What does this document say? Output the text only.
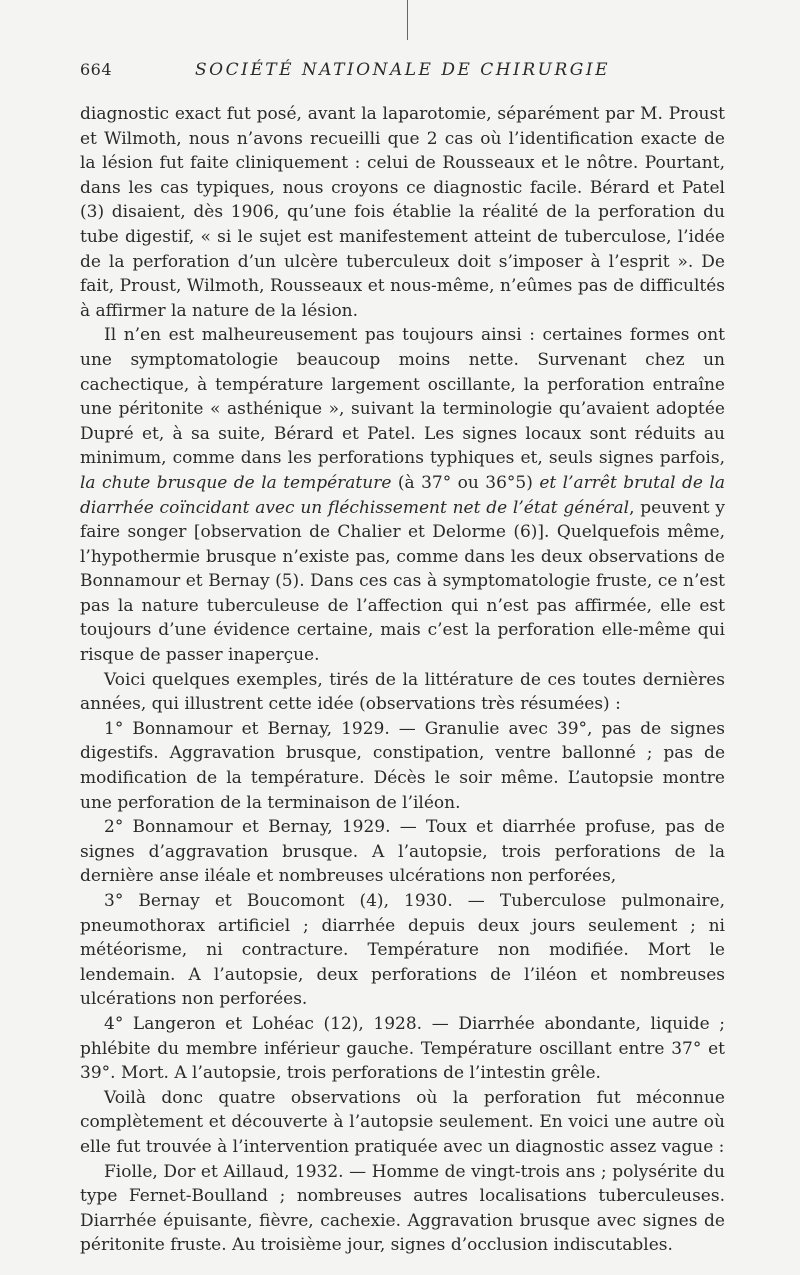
664	SOCIÉTÉ NATIONALE DE CHIRURGIE

diagnostic exact fut posé, avant la laparotomie, séparément par M. Proust et Wilmoth, nous n’avons recueilli que 2 cas où l’identification exacte de la lésion fut faite cliniquement : celui de Rousseaux et le nôtre. Pourtant, dans les cas typiques, nous croyons ce diagnostic facile. Bérard et Patel (3) disaient, dès 1906, qu’une fois établie la réalité de la perforation du tube digestif, « si le sujet est manifestement atteint de tuberculose, l’idée de la perforation d’un ulcère tuberculeux doit s’imposer à l’esprit ». De fait, Proust, Wilmoth, Rousseaux et nous-même, n’eûmes pas de difficultés à affirmer la nature de la lésion.

Il n’en est malheureusement pas toujours ainsi : certaines formes ont une symptomatologie beaucoup moins nette. Survenant chez un cachectique, à température largement oscillante, la perforation entraîne une péritonite « asthénique », suivant la terminologie qu’avaient adoptée Dupré et, à sa suite, Bérard et Patel. Les signes locaux sont réduits au minimum, comme dans les perforations typhiques et, seuls signes parfois, la chute brusque de la température (à 37° ou 36°5) et l’arrêt brutal de la diarrhée coïncidant avec un fléchissement net de l’état général, peuvent y faire songer [observation de Chalier et Delorme (6)]. Quelquefois même, l’hypothermie brusque n’existe pas, comme dans les deux observations de Bonnamour et Bernay (5). Dans ces cas à symptomatologie fruste, ce n’est pas la nature tuberculeuse de l’affection qui n’est pas affirmée, elle est toujours d’une évidence certaine, mais c’est la perforation elle-même qui risque de passer inaperçue.

Voici quelques exemples, tirés de la littérature de ces toutes dernières années, qui illustrent cette idée (observations très résumées) :

1° Bonnamour et Bernay, 1929. — Granulie avec 39°, pas de signes digestifs. Aggravation brusque, constipation, ventre ballonné ; pas de modification de la température. Décès le soir même. L’autopsie montre une perforation de la terminaison de l’iléon.

2° Bonnamour et Bernay, 1929. — Toux et diarrhée profuse, pas de signes d’aggravation brusque. A l’autopsie, trois perforations de la dernière anse iléale et nombreuses ulcérations non perforées,

3° Bernay et Boucomont (4), 1930. — Tuberculose pulmonaire, pneumothorax artificiel ; diarrhée depuis deux jours seulement ; ni météorisme, ni contracture. Température non modifiée. Mort le lendemain. A l’autopsie, deux perforations de l’iléon et nombreuses ulcérations non perforées.

4° Langeron et Lohéac (12), 1928. — Diarrhée abondante, liquide ; phlébite du membre inférieur gauche. Température oscillant entre 37° et 39°. Mort. A l’autopsie, trois perforations de l’intestin grêle.

Voilà donc quatre observations où la perforation fut méconnue complètement et découverte à l’autopsie seulement. En voici une autre où elle fut trouvée à l’intervention pratiquée avec un diagnostic assez vague :

Fiolle, Dor et Aillaud, 1932. — Homme de vingt-trois ans ; polysérite du type Fernet-Boulland ; nombreuses autres localisations tuberculeuses. Diarrhée épuisante, fièvre, cachexie. Aggravation brusque avec signes de péritonite fruste. Au troisième jour, signes d’occlusion indiscutables.
